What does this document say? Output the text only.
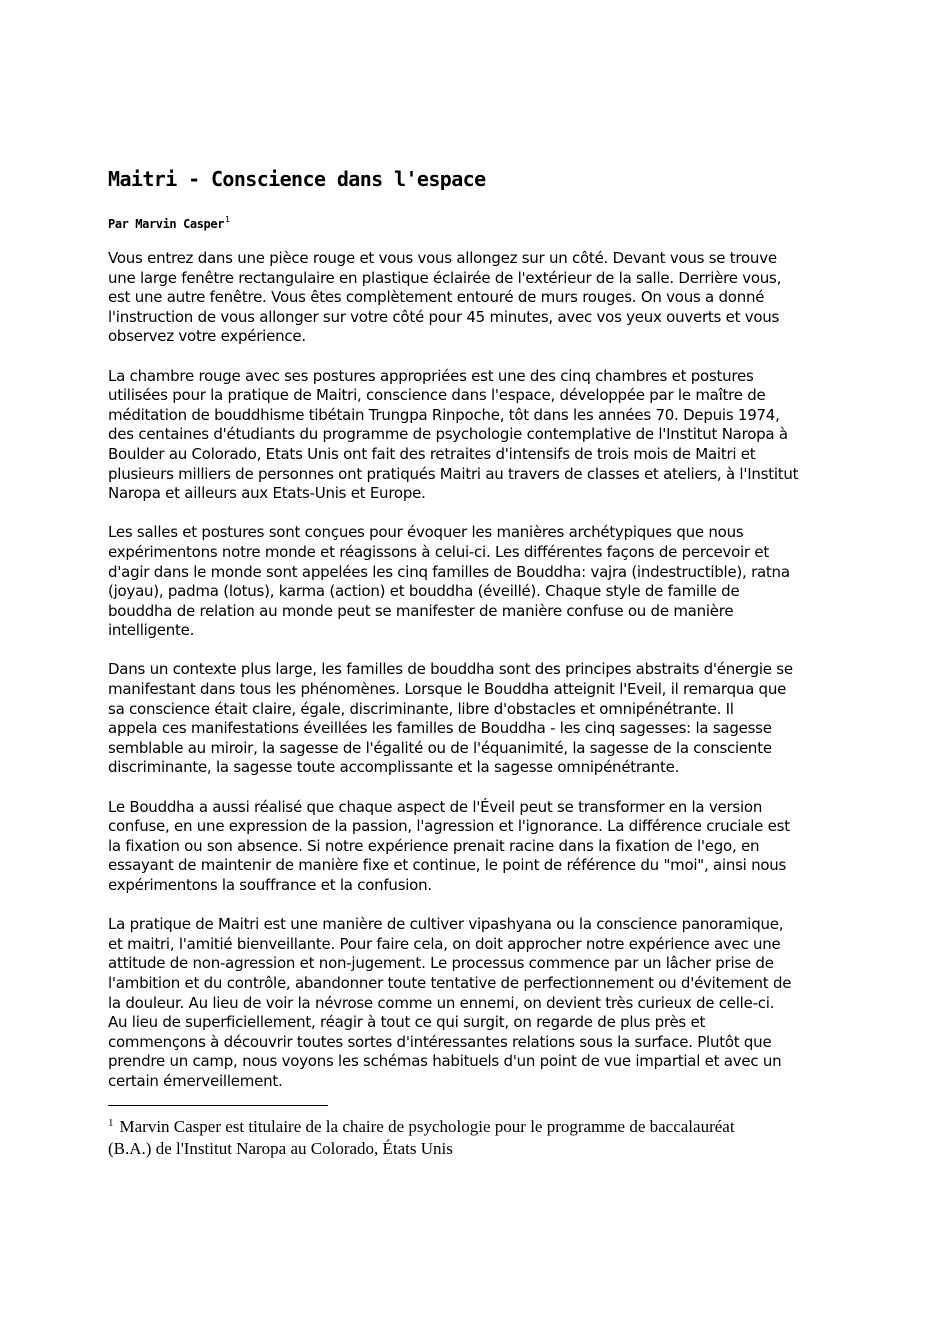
Maitri - Conscience dans l'espace
Par Marvin Casper$^1$

Vous entrez dans une pièce rouge et vous vous allongez sur un côté. Devant vous se trouve
une large fenêtre rectangulaire en plastique éclairée de l'extérieur de la salle. Derrière vous,
est une autre fenêtre. Vous êtes complètement entouré de murs rouges. On vous a donné
l'instruction de vous allonger sur votre côté pour 45 minutes, avec vos yeux ouverts et vous
observez votre expérience.

La chambre rouge avec ses postures appropriées est une des cinq chambres et postures
utilisées pour la pratique de Maitri, conscience dans l'espace, développée par le maître de
méditation de bouddhisme tibétain Trungpa Rinpoche, tôt dans les années 70. Depuis 1974,
des centaines d'étudiants du programme de psychologie contemplative de l'Institut Naropa à
Boulder au Colorado, Etats Unis ont fait des retraites d'intensifs de trois mois de Maitri et
plusieurs milliers de personnes ont pratiqués Maitri au travers de classes et ateliers, à l'Institut
Naropa et ailleurs aux Etats-Unis et Europe.

Les salles et postures sont conçues pour évoquer les manières archétypiques que nous
expérimentons notre monde et réagissons à celui-ci. Les différentes façons de percevoir et
d'agir dans le monde sont appelées les cinq familles de Bouddha: vajra (indestructible), ratna
(joyau), padma (lotus), karma (action) et bouddha (éveillé). Chaque style de famille de
bouddha de relation au monde peut se manifester de manière confuse ou de manière
intelligente.

Dans un contexte plus large, les familles de bouddha sont des principes abstraits d'énergie se
manifestant dans tous les phénomènes. Lorsque le Bouddha atteignit l'Eveil, il remarqua que
sa conscience était claire, égale, discriminante, libre d'obstacles et omnipénétrante. Il
appela ces manifestations éveillées les familles de Bouddha - les cinq sagesses: la sagesse
semblable au miroir, la sagesse de l'égalité ou de l'équanimité, la sagesse de la consciente
discriminante, la sagesse toute accomplissante et la sagesse omnipénétrante.

Le Bouddha a aussi réalisé que chaque aspect de l'Éveil peut se transformer en la version
confuse, en une expression de la passion, l'agression et l'ignorance. La différence cruciale est
la fixation ou son absence. Si notre expérience prenait racine dans la fixation de l'ego, en
essayant de maintenir de manière fixe et continue, le point de référence du "moi", ainsi nous
expérimentons la souffrance et la confusion.

La pratique de Maitri est une manière de cultiver vipashyana ou la conscience panoramique,
et maitri, l'amitié bienveillante. Pour faire cela, on doit approcher notre expérience avec une
attitude de non-agression et non-jugement. Le processus commence par un lâcher prise de
l'ambition et du contrôle, abandonner toute tentative de perfectionnement ou d'évitement de
la douleur. Au lieu de voir la névrose comme un ennemi, on devient très curieux de celle-ci.
Au lieu de superficiellement, réagir à tout ce qui surgit, on regarde de plus près et
commençons à découvrir toutes sortes d'intéressantes relations sous la surface. Plutôt que
prendre un camp, nous voyons les schémas habituels d'un point de vue impartial et avec un
certain émerveillement.

$^1$ Marvin Casper est titulaire de la chaire de psychologie pour le programme de baccalauréat
(B.A.) de l'Institut Naropa au Colorado, États Unis
